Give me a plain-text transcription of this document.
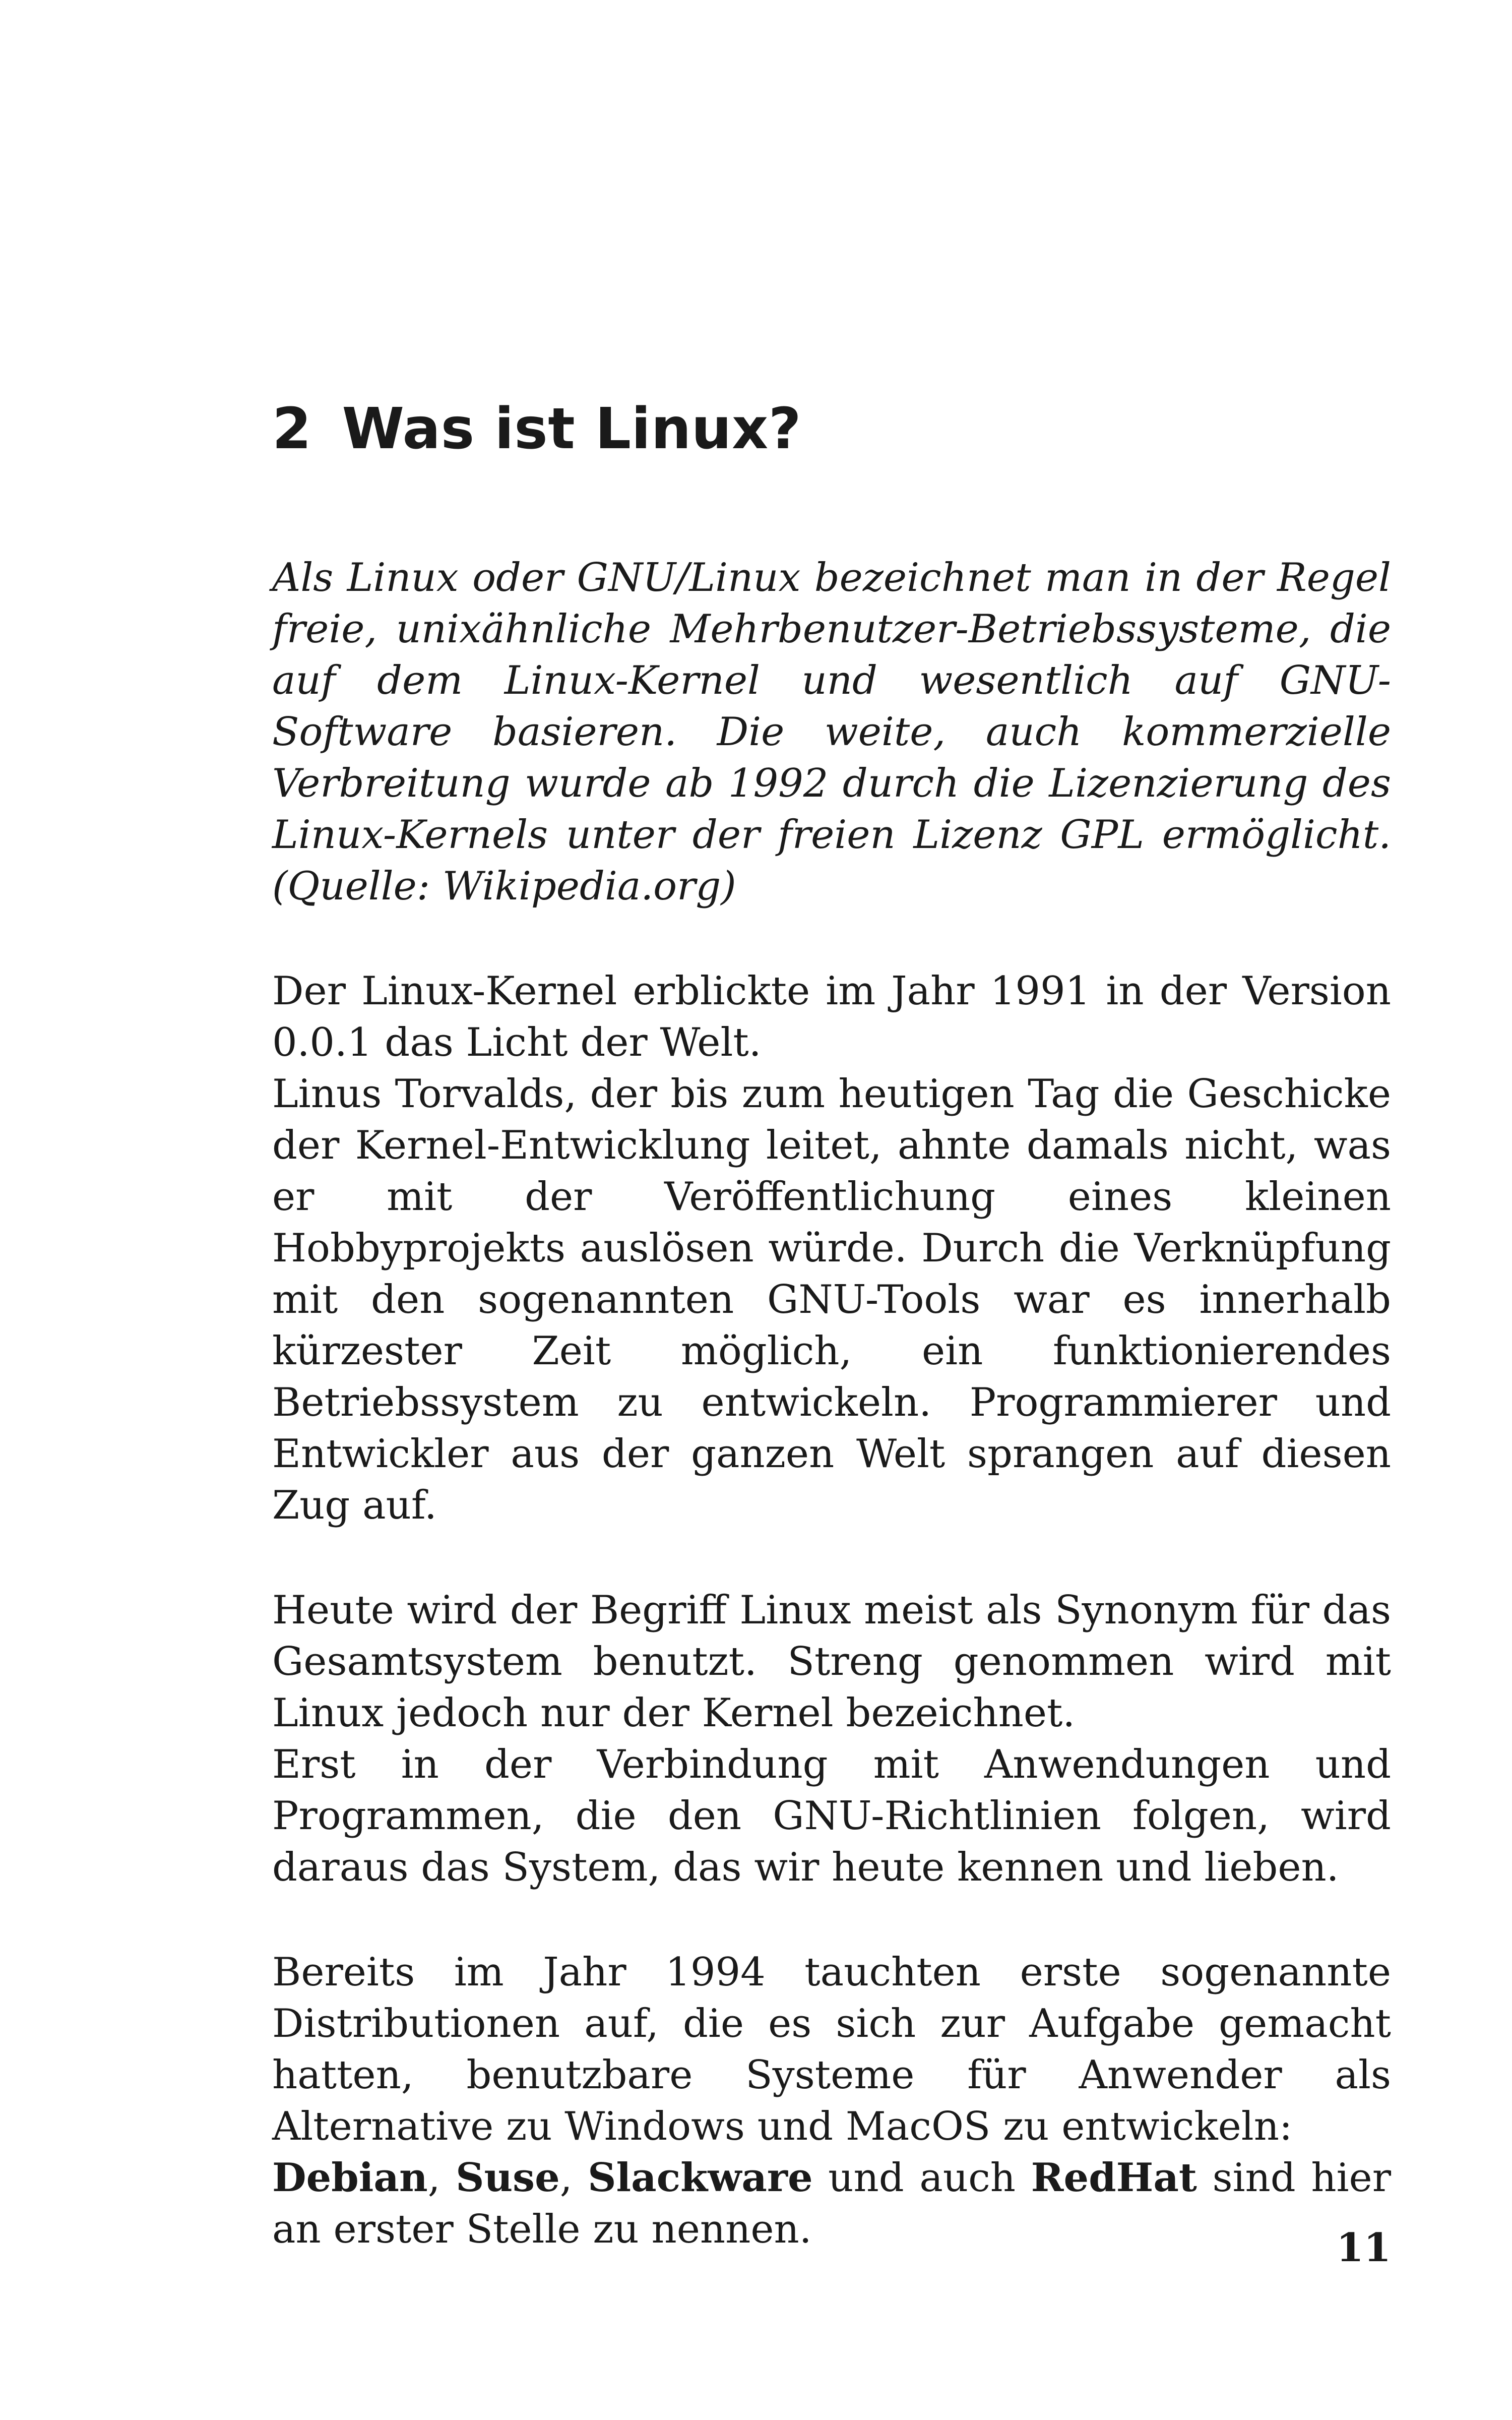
2 Was ist Linux?

Als Linux oder GNU/Linux bezeichnet man in der Regel freie, unixähnliche Mehrbenutzer-Betriebssysteme, die auf dem Linux-Kernel und wesentlich auf GNU-Software basieren. Die weite, auch kommerzielle Verbreitung wurde ab 1992 durch die Lizenzierung des Linux-Kernels unter der freien Lizenz GPL ermöglicht. (Quelle: Wikipedia.org)

Der Linux-Kernel erblickte im Jahr 1991 in der Version 0.0.1 das Licht der Welt.

Linus Torvalds, der bis zum heutigen Tag die Geschicke der Kernel-Entwicklung leitet, ahnte damals nicht, was er mit der Veröffentlichung eines kleinen Hobbyprojekts auslösen würde. Durch die Verknüpfung mit den sogenannten GNU-Tools war es innerhalb kürzester Zeit möglich, ein funktionierendes Betriebssystem zu entwickeln. Programmierer und Entwickler aus der ganzen Welt sprangen auf diesen Zug auf.

Heute wird der Begriff Linux meist als Synonym für das Gesamtsystem benutzt. Streng genommen wird mit Linux jedoch nur der Kernel bezeichnet.

Erst in der Verbindung mit Anwendungen und Programmen, die den GNU-Richtlinien folgen, wird daraus das System, das wir heute kennen und lieben.

Bereits im Jahr 1994 tauchten erste sogenannte Distributionen auf, die es sich zur Aufgabe gemacht hatten, benutzbare Systeme für Anwender als Alternative zu Windows und MacOS zu entwickeln:

Debian, Suse, Slackware und auch RedHat sind hier an erster Stelle zu nennen.	11
